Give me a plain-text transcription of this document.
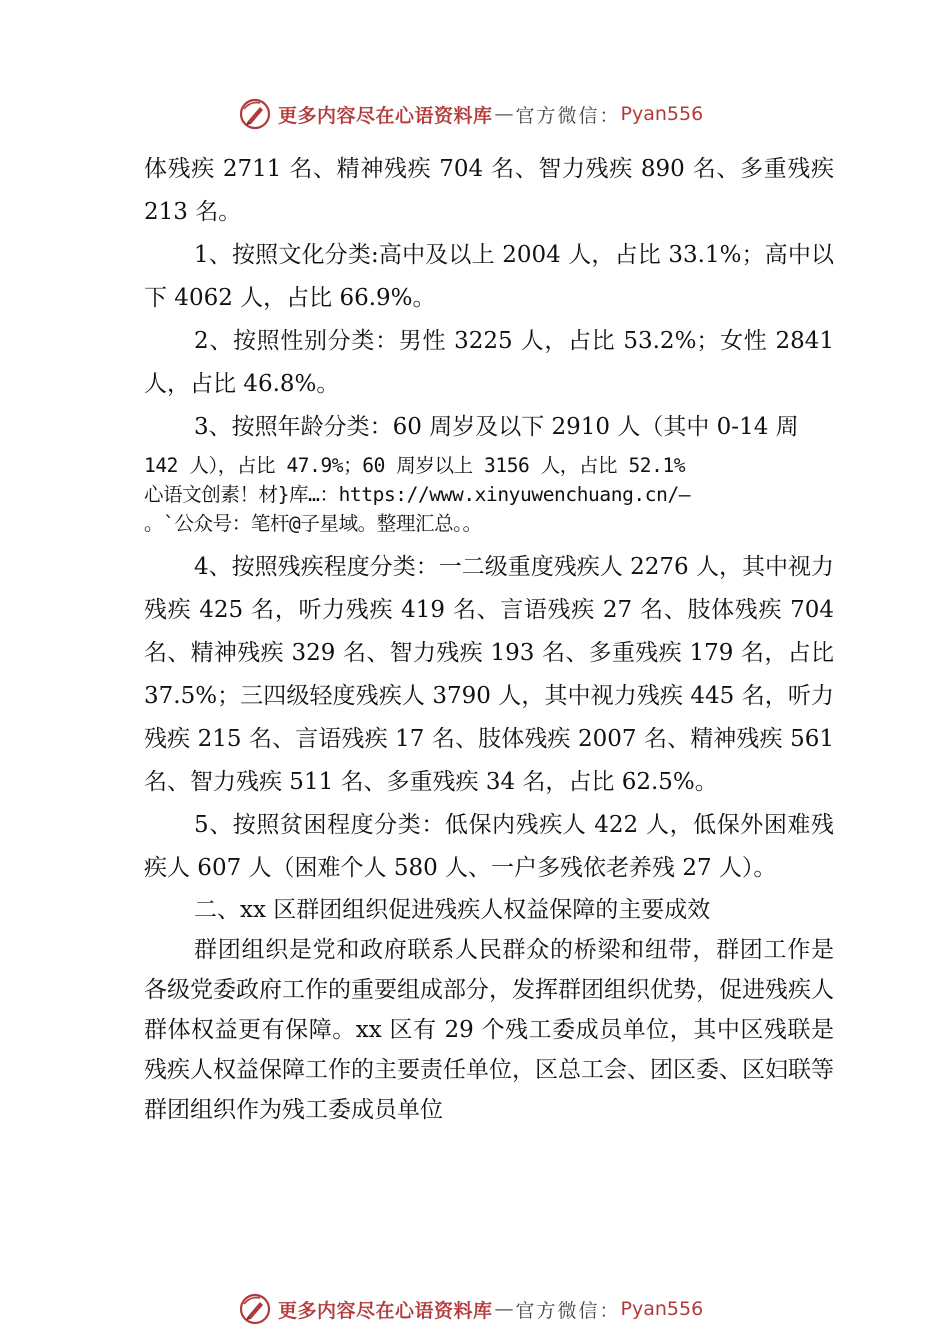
更多内容尽在心语资料库 — 官方微信： Pyan556

体残疾 2711 名、精神残疾 704 名、智力残疾 890 名、多重残疾 213 名。

1、按照文化分类:高中及以上 2004 人，占比 33.1%；高中以下 4062 人，占比 66.9%。

2、按照性别分类：男性 3225 人，占比 53.2%；女性 2841 人，占比 46.8%。

3、按照年龄分类：60 周岁及以下 2910 人（其中 0-14 周

142 人），占比 47.9%；60 周岁以上 3156 人，占比 52.1%

心语文创素！材}库…：https://www.xinyuwenchuang.cn/—

。`公众号：笔杆@子星域。整理汇总。。

4、按照残疾程度分类：一二级重度残疾人 2276 人，其中视力残疾 425 名，听力残疾 419 名、言语残疾 27 名、肢体残疾 704 名、精神残疾 329 名、智力残疾 193 名、多重残疾 179 名，占比 37.5%；三四级轻度残疾人 3790 人，其中视力残疾 445 名，听力残疾 215 名、言语残疾 17 名、肢体残疾 2007 名、精神残疾 561 名、智力残疾 511 名、多重残疾 34 名，占比 62.5%。

5、按照贫困程度分类：低保内残疾人 422 人，低保外困难残疾人 607 人（困难个人 580 人、一户多残依老养残 27 人）。

二、xx 区群团组织促进残疾人权益保障的主要成效

群团组织是党和政府联系人民群众的桥梁和纽带，群团工作是各级党委政府工作的重要组成部分，发挥群团组织优势，促进残疾人群体权益更有保障。xx 区有 29 个残工委成员单位，其中区残联是残疾人权益保障工作的主要责任单位，区总工会、团区委、区妇联等群团组织作为残工委成员单位

更多内容尽在心语资料库 — 官方微信： Pyan556
